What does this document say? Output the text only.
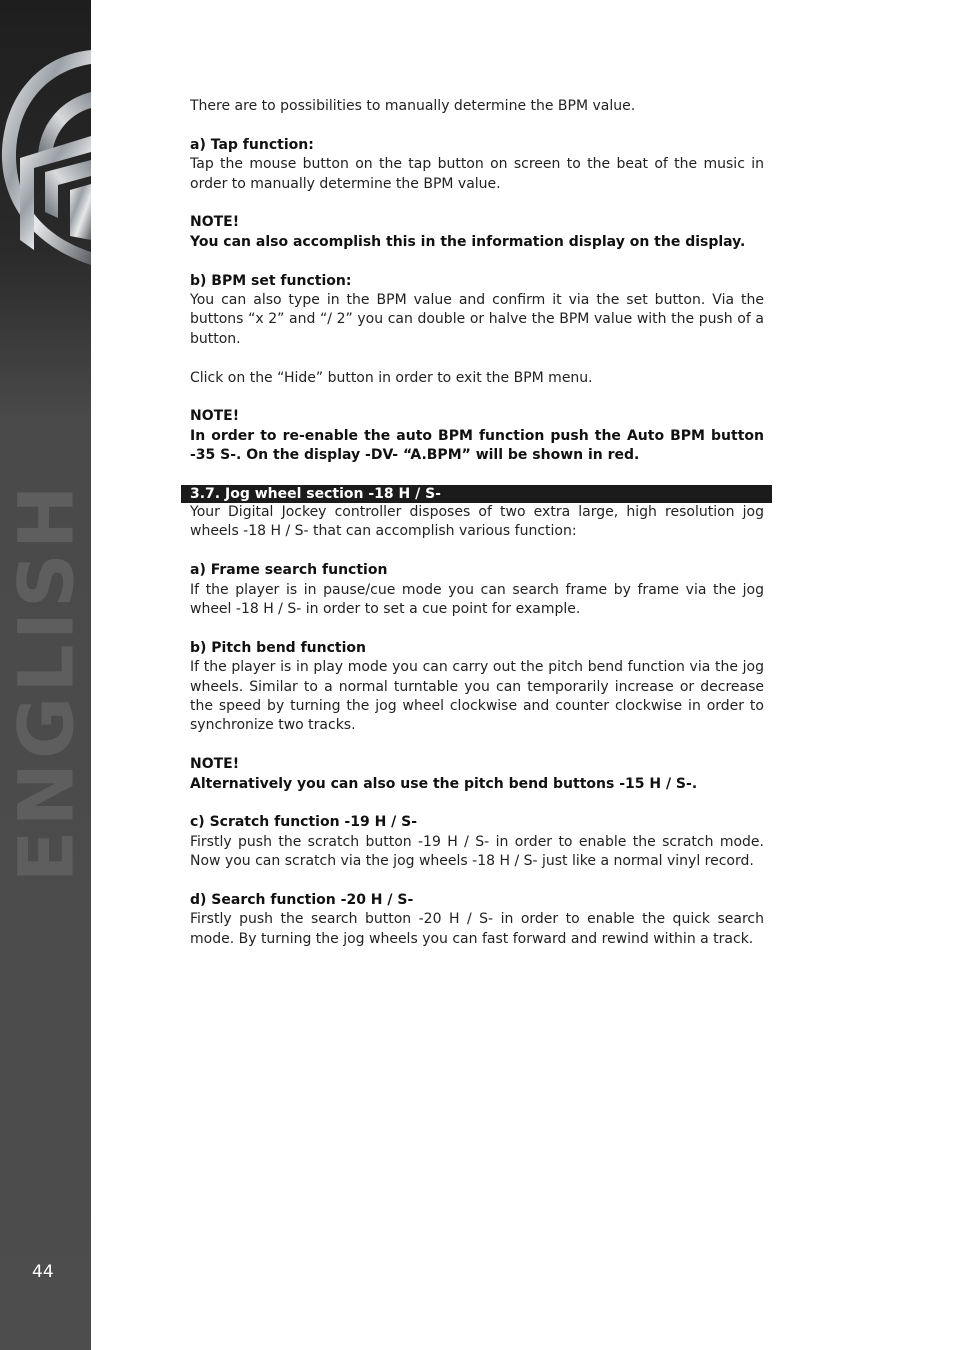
ENGLISH
44

There are to possibilities to manually determine the BPM value.

a) Tap function:

Tap the mouse button on the tap button on screen to the beat of the music in order to manually determine the BPM value.

NOTE!

You can also accomplish this in the information display on the display.

b) BPM set function:

You can also type in the BPM value and confirm it via the set button. Via the buttons “x 2” and “/ 2” you can double or halve the BPM value with the push of a button.

Click on the “Hide” button in order to exit the BPM menu.

NOTE!

In order to re-enable the auto BPM function push the Auto BPM button -35 S-. On the display -DV- “A.BPM” will be shown in red.

3.7. Jog wheel section -18 H / S-

Your Digital Jockey controller disposes of two extra large, high resolution jog wheels -18 H / S- that can accomplish various function:

a) Frame search function

If the player is in pause/cue mode you can search frame by frame via the jog wheel -18 H / S- in order to set a cue point for example.

b) Pitch bend function

If the player is in play mode you can carry out the pitch bend function via the jog wheels. Similar to a normal turntable you can temporarily increase or decrease the speed by turning the jog wheel clockwise and counter clockwise in order to synchronize two tracks.

NOTE!

Alternatively you can also use the pitch bend buttons -15 H / S-.

c) Scratch function -19 H / S-

Firstly push the scratch button -19 H / S- in order to enable the scratch mode. Now you can scratch via the jog wheels -18 H / S- just like a normal vinyl record.

d) Search function -20 H / S-

Firstly push the search button -20 H / S- in order to enable the quick search mode. By turning the jog wheels you can fast forward and rewind within a track.
